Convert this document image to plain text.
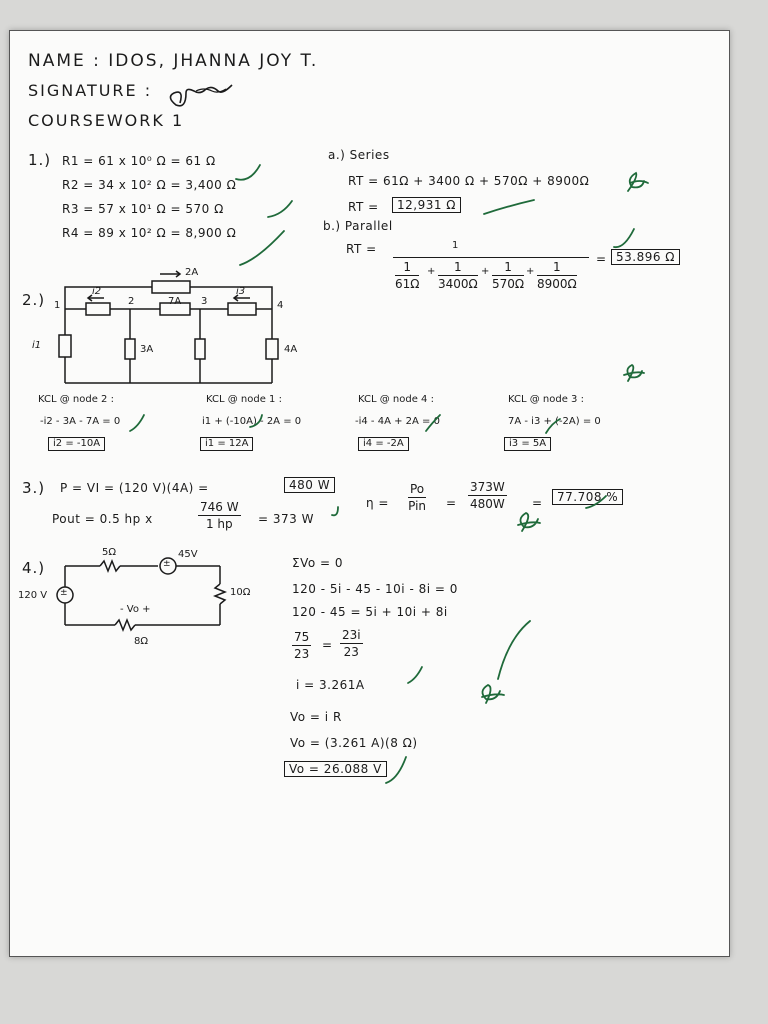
NAME : IDOS, JHANNA JOY T.
SIGNATURE :
COURSEWORK 1
1.) R1 = 61 x 10⁰ Ω = 61 Ω
R2 = 34 x 10² Ω = 3,400 Ω
R3 = 57 x 10¹ Ω = 570 Ω
R4 = 89 x 10² Ω = 8,900 Ω
a.) Series
RT = 61Ω + 3400 Ω + 570Ω + 8900Ω
RT =	12,931 Ω
b.) Parallel
RT =	1
$\frac{1}{61\Omega} + \frac{1}{3400\Omega} + \frac{1}{570\Omega} + \frac{1}{8900\Omega}$
= 53.896 Ω
2.)
2A
i2
7A
i3
i1	3A	4A
1	2	3	4
KCL @ node 2 :
-i2 - 3A - 7A = 0
i2 = -10A
KCL @ node 1 :
i1 + (-10A) - 2A = 0
i1 = 12A
KCL @ node 4 :
-i4 - 4A + 2A = 0
i4 = -2A
KCL @ node 3 :
7A - i3 + (-2A) = 0
i3 = 5A
3.) P = VI = (120 V)(4A) =	480 W
Pout = 0.5 hp x	$\frac{746 W}{1 hp} = 373$ W
η =
Po
Pin = $\frac{373W}{480W}$ =	77.708 %
4.)	±
±
5Ω	45V
120 V	10Ω
- Vo +
8Ω
ΣVo = 0
120 - 5i - 45 - 10i - 8i = 0
120 - 45 = 5i + 10i + 8i
$\frac{75}{23} = \frac{23i}{23}$
i = 3.261A
Vo = i R
Vo = (3.261 A)(8 Ω)
Vo = 26.088 V
